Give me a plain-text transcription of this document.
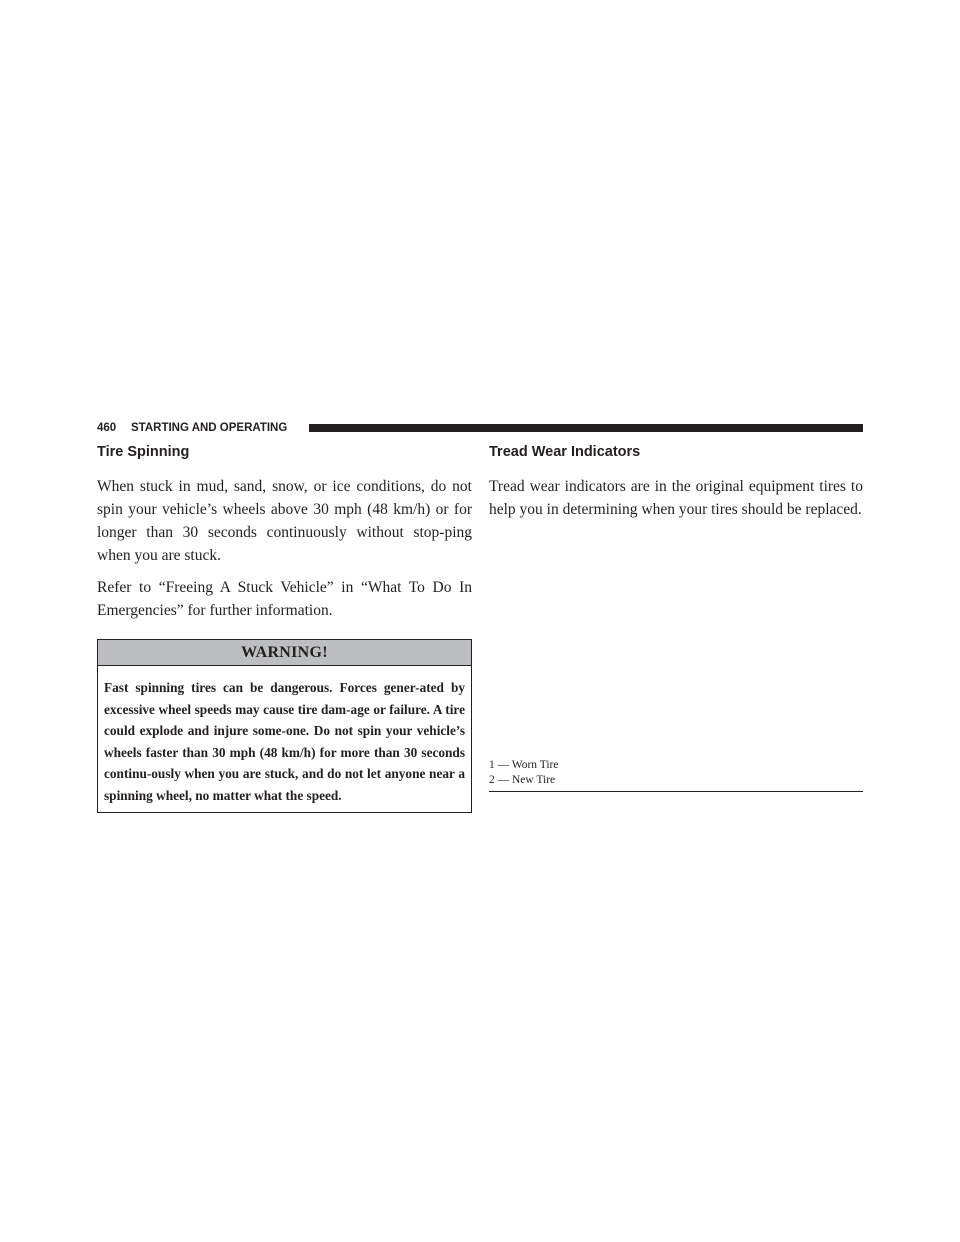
460 STARTING AND OPERATING
Tire Spinning

When stuck in mud, sand, snow, or ice conditions, do not spin your vehicle’s wheels above 30 mph (48 km/h) or for longer than 30 seconds continuously without stop-ping when you are stuck.

Refer to “Freeing A Stuck Vehicle” in “What To Do In Emergencies” for further information.

WARNING!
Fast spinning tires can be dangerous. Forces gener-ated by excessive wheel speeds may cause tire dam-age or failure. A tire could explode and injure some-one. Do not spin your vehicle’s wheels faster than 30 mph (48 km/h) for more than 30 seconds continu-ously when you are stuck, and do not let anyone near a spinning wheel, no matter what the speed.
Tread Wear Indicators

Tread wear indicators are in the original equipment tires to help you in determining when your tires should be replaced.

1 — Worn Tire
2 — New Tire
